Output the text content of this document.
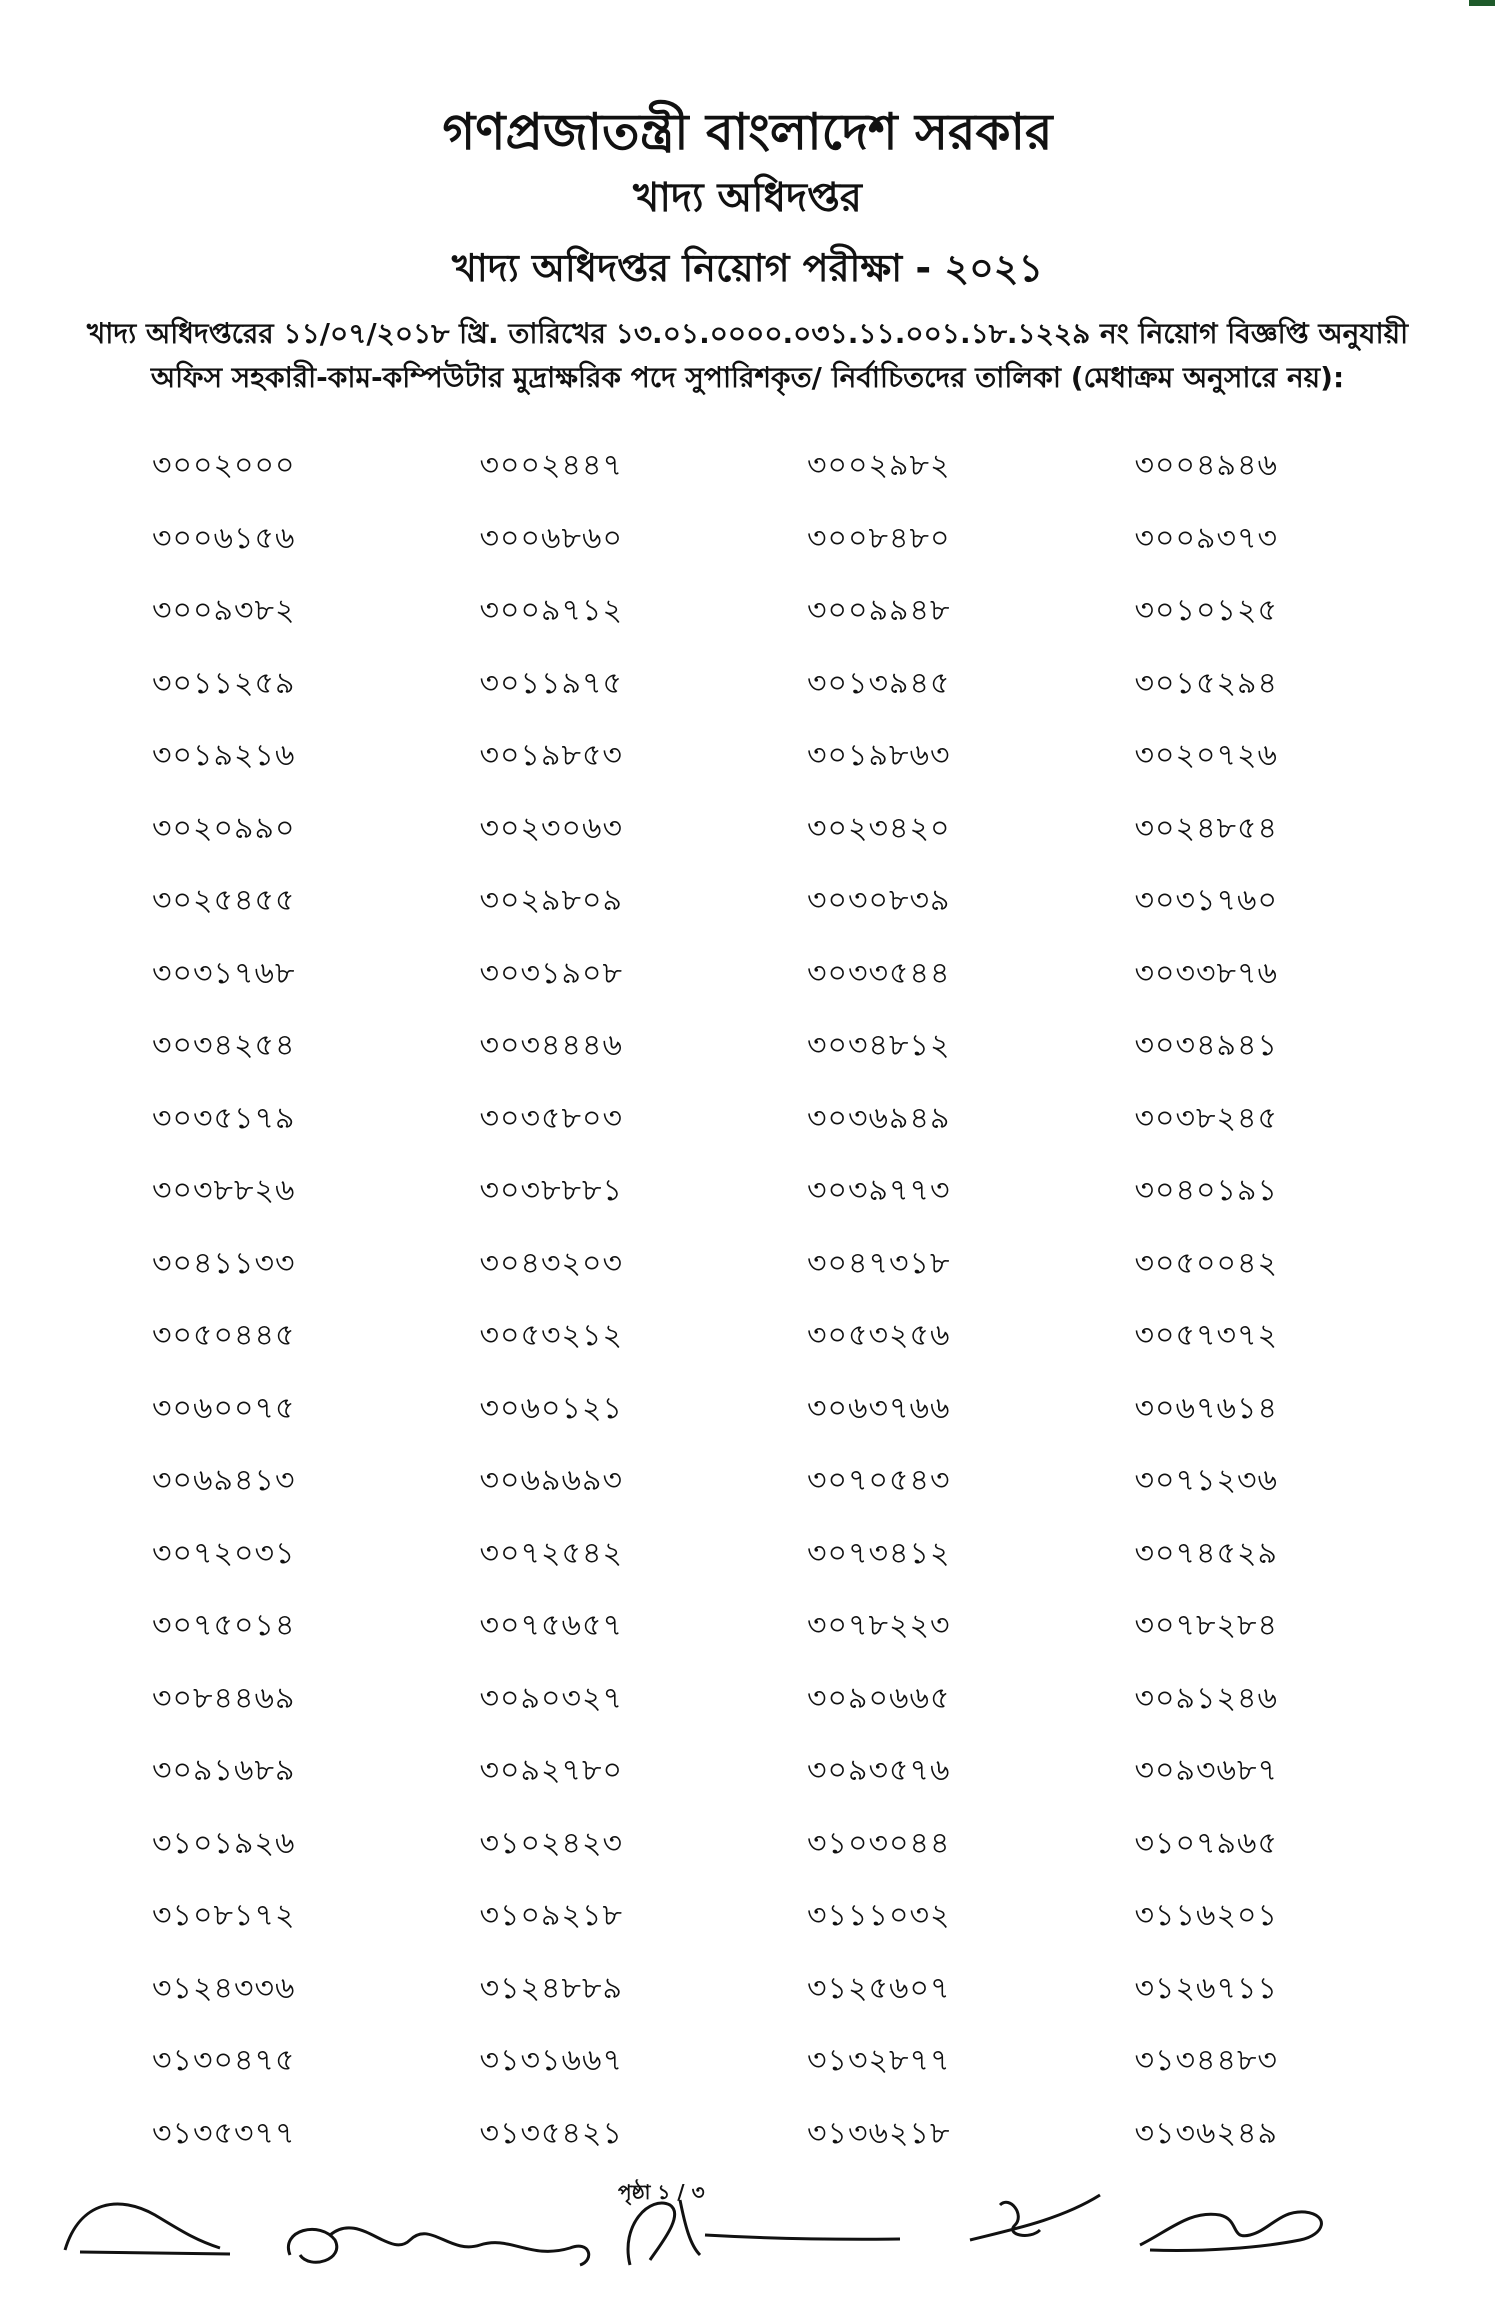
গণপ্রজাতন্ত্রী বাংলাদেশ সরকার

খাদ্য অধিদপ্তর

খাদ্য অধিদপ্তর নিয়োগ পরীক্ষা - ২০২১

খাদ্য অধিদপ্তরের ১১/০৭/২০১৮ খ্রি. তারিখের ১৩.০১.০০০০.০৩১.১১.০০১.১৮.১২২৯ নং নিয়োগ বিজ্ঞপ্তি অনুযায়ী
অফিস সহকারী-কাম-কম্পিউটার মুদ্রাক্ষরিক পদে সুপারিশকৃত/ নির্বাচিতদের তালিকা (মেধাক্রম অনুসারে নয়):
৩০০২০০০	৩০০২৪৪৭	৩০০২৯৮২	৩০০৪৯৪৬
৩০০৬১৫৬	৩০০৬৮৬০	৩০০৮৪৮০	৩০০৯৩৭৩
৩০০৯৩৮২	৩০০৯৭১২	৩০০৯৯৪৮	৩০১০১২৫
৩০১১২৫৯	৩০১১৯৭৫	৩০১৩৯৪৫	৩০১৫২৯৪
৩০১৯২১৬	৩০১৯৮৫৩	৩০১৯৮৬৩	৩০২০৭২৬
৩০২০৯৯০	৩০২৩০৬৩	৩০২৩৪২০	৩০২৪৮৫৪
৩০২৫৪৫৫	৩০২৯৮০৯	৩০৩০৮৩৯	৩০৩১৭৬০
৩০৩১৭৬৮	৩০৩১৯০৮	৩০৩৩৫৪৪	৩০৩৩৮৭৬
৩০৩৪২৫৪	৩০৩৪৪৪৬	৩০৩৪৮১২	৩০৩৪৯৪১
৩০৩৫১৭৯	৩০৩৫৮০৩	৩০৩৬৯৪৯	৩০৩৮২৪৫
৩০৩৮৮২৬	৩০৩৮৮৮১	৩০৩৯৭৭৩	৩০৪০১৯১
৩০৪১১৩৩	৩০৪৩২০৩	৩০৪৭৩১৮	৩০৫০০৪২
৩০৫০৪৪৫	৩০৫৩২১২	৩০৫৩২৫৬	৩০৫৭৩৭২
৩০৬০০৭৫	৩০৬০১২১	৩০৬৩৭৬৬	৩০৬৭৬১৪
৩০৬৯৪১৩	৩০৬৯৬৯৩	৩০৭০৫৪৩	৩০৭১২৩৬
৩০৭২০৩১	৩০৭২৫৪২	৩০৭৩৪১২	৩০৭৪৫২৯
৩০৭৫০১৪	৩০৭৫৬৫৭	৩০৭৮২২৩	৩০৭৮২৮৪
৩০৮৪৪৬৯	৩০৯০৩২৭	৩০৯০৬৬৫	৩০৯১২৪৬
৩০৯১৬৮৯	৩০৯২৭৮০	৩০৯৩৫৭৬	৩০৯৩৬৮৭
৩১০১৯২৬	৩১০২৪২৩	৩১০৩০৪৪	৩১০৭৯৬৫
৩১০৮১৭২	৩১০৯২১৮	৩১১১০৩২	৩১১৬২০১
৩১২৪৩৩৬	৩১২৪৮৮৯	৩১২৫৬০৭	৩১২৬৭১১
৩১৩০৪৭৫	৩১৩১৬৬৭	৩১৩২৮৭৭	৩১৩৪৪৮৩
৩১৩৫৩৭৭	৩১৩৫৪২১	৩১৩৬২১৮	৩১৩৬২৪৯
পৃষ্ঠা ১ / ৩
